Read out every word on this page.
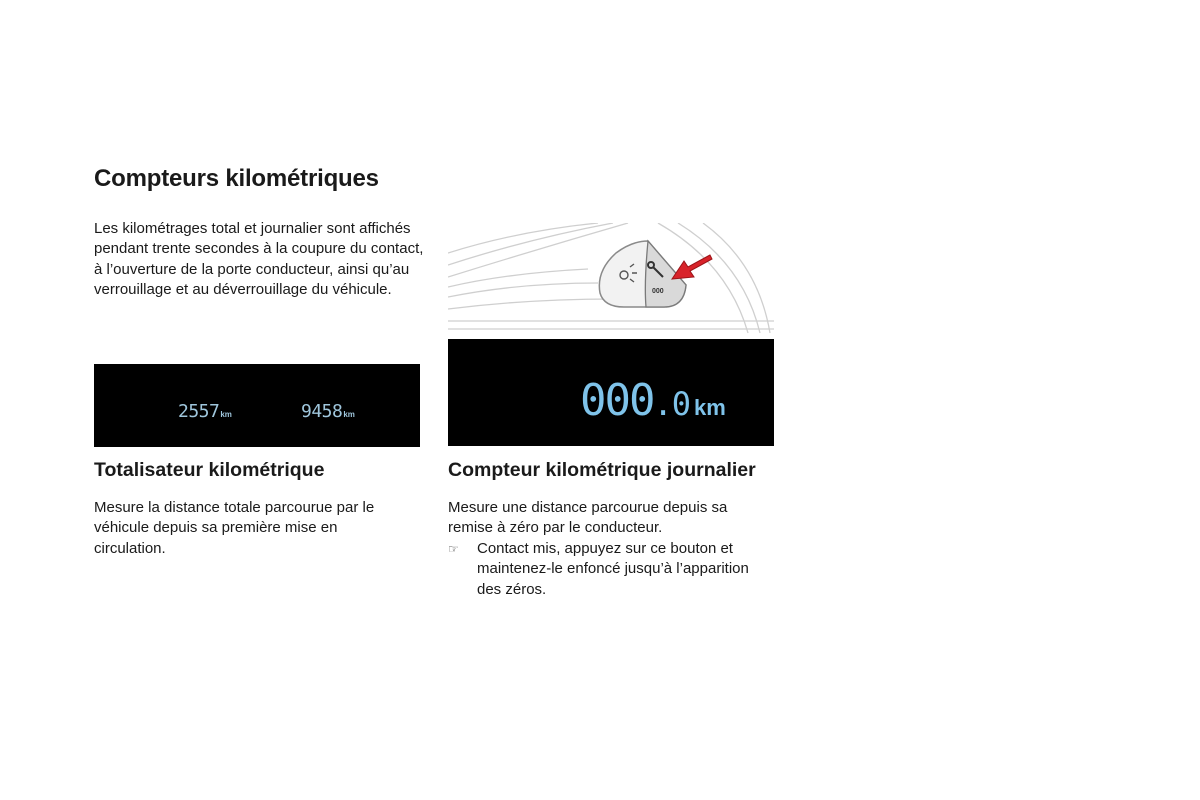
Compteurs kilométriques

Les kilométrages total et journalier sont affichés pendant trente secondes à la coupure du contact, à l’ouverture de la porte conducteur, ainsi qu’au verrouillage et au déverrouillage du véhicule.

2557km	9458km
000
000.0 km
Totalisateur kilométrique	Compteur kilométrique journalier

Mesure la distance totale parcourue par le véhicule depuis sa première mise en circulation.

Mesure une distance parcourue depuis sa remise à zéro par le conducteur.

☞ Contact mis, appuyez sur ce bouton et maintenez-le enfoncé jusqu’à l’apparition des zéros.
